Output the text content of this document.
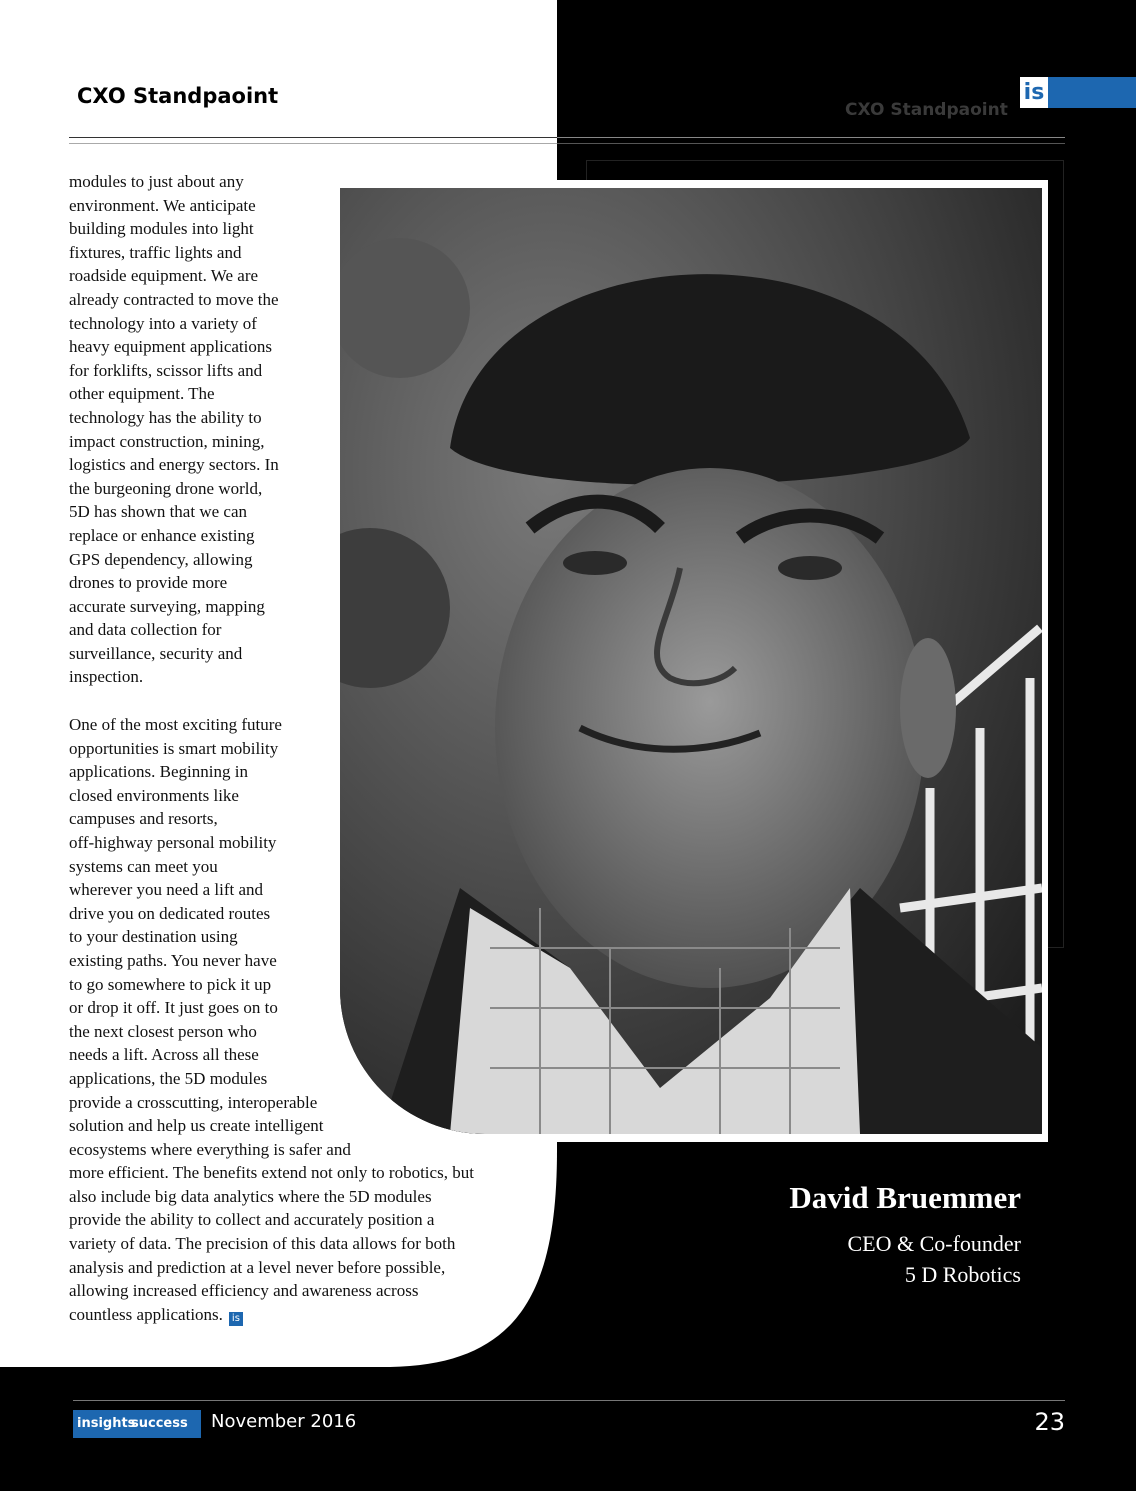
CXO Standpaoint
CXO Standpaoint
is
modules to just about any
environment. We anticipate
building modules into light
fixtures, traffic lights and
roadside equipment. We are
already contracted to move the
technology into a variety of
heavy equipment applications
for forklifts, scissor lifts and
other equipment. The
technology has the ability to
impact construction, mining,
logistics and energy sectors. In
the burgeoning drone world,
5D has shown that we can
replace or enhance existing
GPS dependency, allowing
drones to provide more
accurate surveying, mapping
and data collection for
surveillance, security and
inspection.
One of the most exciting future
opportunities is smart mobility
applications. Beginning in
closed environments like
campuses and resorts,
off-highway personal mobility
systems can meet you
wherever you need a lift and
drive you on dedicated routes
to your destination using
existing paths. You never have
to go somewhere to pick it up
or drop it off. It just goes on to
the next closest person who
needs a lift. Across all these
applications, the 5D modules
provide a crosscutting, interoperable
solution and help us create intelligent
ecosystems where everything is safer and
more efficient. The benefits extend not only to robotics, but
also include big data analytics where the 5D modules
provide the ability to collect and accurately position a
variety of data. The precision of this data allows for both
analysis and prediction at a level never before possible,
allowing increased efficiency and awareness across
countless applications. is
David Bruemmer
CEO & Co-founder
5 D Robotics
insights
success November 2016	23
